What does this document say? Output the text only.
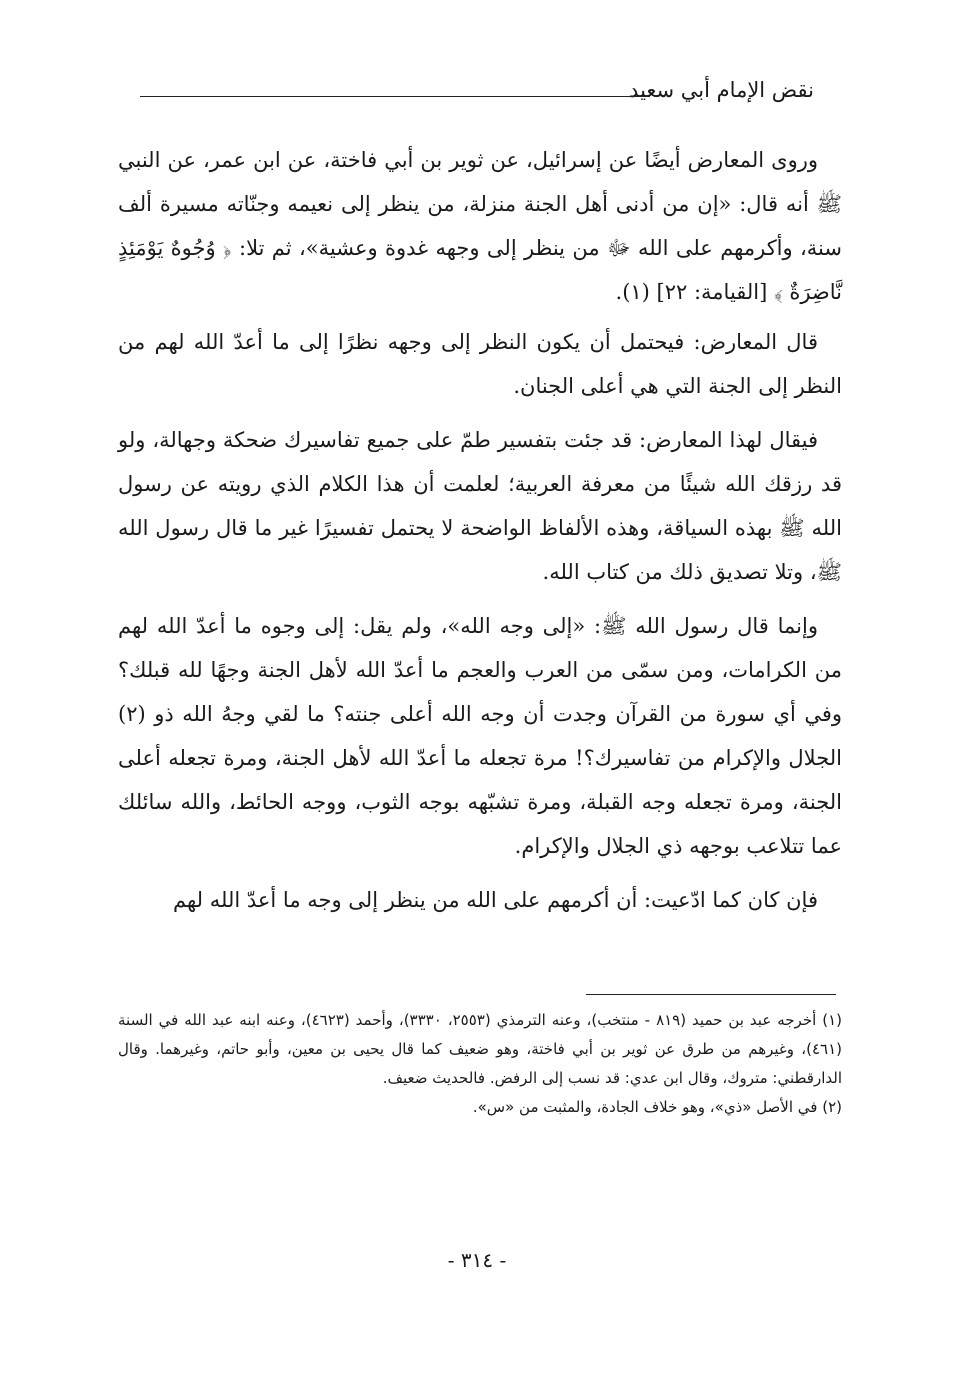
نقض الإمام أبي سعيد

وروى المعارض أيضًا عن إسرائيل، عن ثوير بن أبي فاختة، عن ابن عمر، عن النبي ﷺ أنه قال: «إن من أدنى أهل الجنة منزلة، من ينظر إلى نعيمه وجنّاته مسيرة ألف سنة، وأكرمهم على الله ﷻ من ينظر إلى وجهه غدوة وعشية»، ثم تلا: ﴿ وُجُوهٌ يَوْمَئِذٍ نَّاضِرَةٌ ﴾ [القيامة: ٢٢] (١).

قال المعارض: فيحتمل أن يكون النظر إلى وجهه نظرًا إلى ما أعدّ الله لهم من النظر إلى الجنة التي هي أعلى الجنان.

فيقال لهذا المعارض: قد جئت بتفسير طمّ على جميع تفاسيرك ضحكة وجهالة، ولو قد رزقك الله شيئًا من معرفة العربية؛ لعلمت أن هذا الكلام الذي رويته عن رسول الله ﷺ بهذه السياقة، وهذه الألفاظ الواضحة لا يحتمل تفسيرًا غير ما قال رسول الله ﷺ، وتلا تصديق ذلك من كتاب الله.

وإنما قال رسول الله ﷺ: «إلى وجه الله»، ولم يقل: إلى وجوه ما أعدّ الله لهم من الكرامات، ومن سمّى من العرب والعجم ما أعدّ الله لأهل الجنة وجهًا لله قبلك؟ وفي أي سورة من القرآن وجدت أن وجه الله أعلى جنته؟ ما لقي وجهُ الله ذو (٢) الجلال والإكرام من تفاسيرك؟! مرة تجعله ما أعدّ الله لأهل الجنة، ومرة تجعله أعلى الجنة، ومرة تجعله وجه القبلة، ومرة تشبّهه بوجه الثوب، ووجه الحائط، والله سائلك عما تتلاعب بوجهه ذي الجلال والإكرام.

فإن كان كما ادّعيت: أن أكرمهم على الله من ينظر إلى وجه ما أعدّ الله لهم

(١) أخرجه عبد بن حميد (٨١٩ - منتخب)، وعنه الترمذي (٢٥٥٣، ٣٣٣٠)، وأحمد (٤٦٢٣)، وعنه ابنه عبد الله في السنة (٤٦١)، وغيرهم من طرق عن ثوير بن أبي فاختة، وهو ضعيف كما قال يحيى بن معين، وأبو حاتم، وغيرهما. وقال الدارقطني: متروك، وقال ابن عدي: قد نسب إلى الرفض. فالحديث ضعيف.

(٢) في الأصل «ذي»، وهو خلاف الجادة، والمثبت من «س».

- ٣١٤ -
